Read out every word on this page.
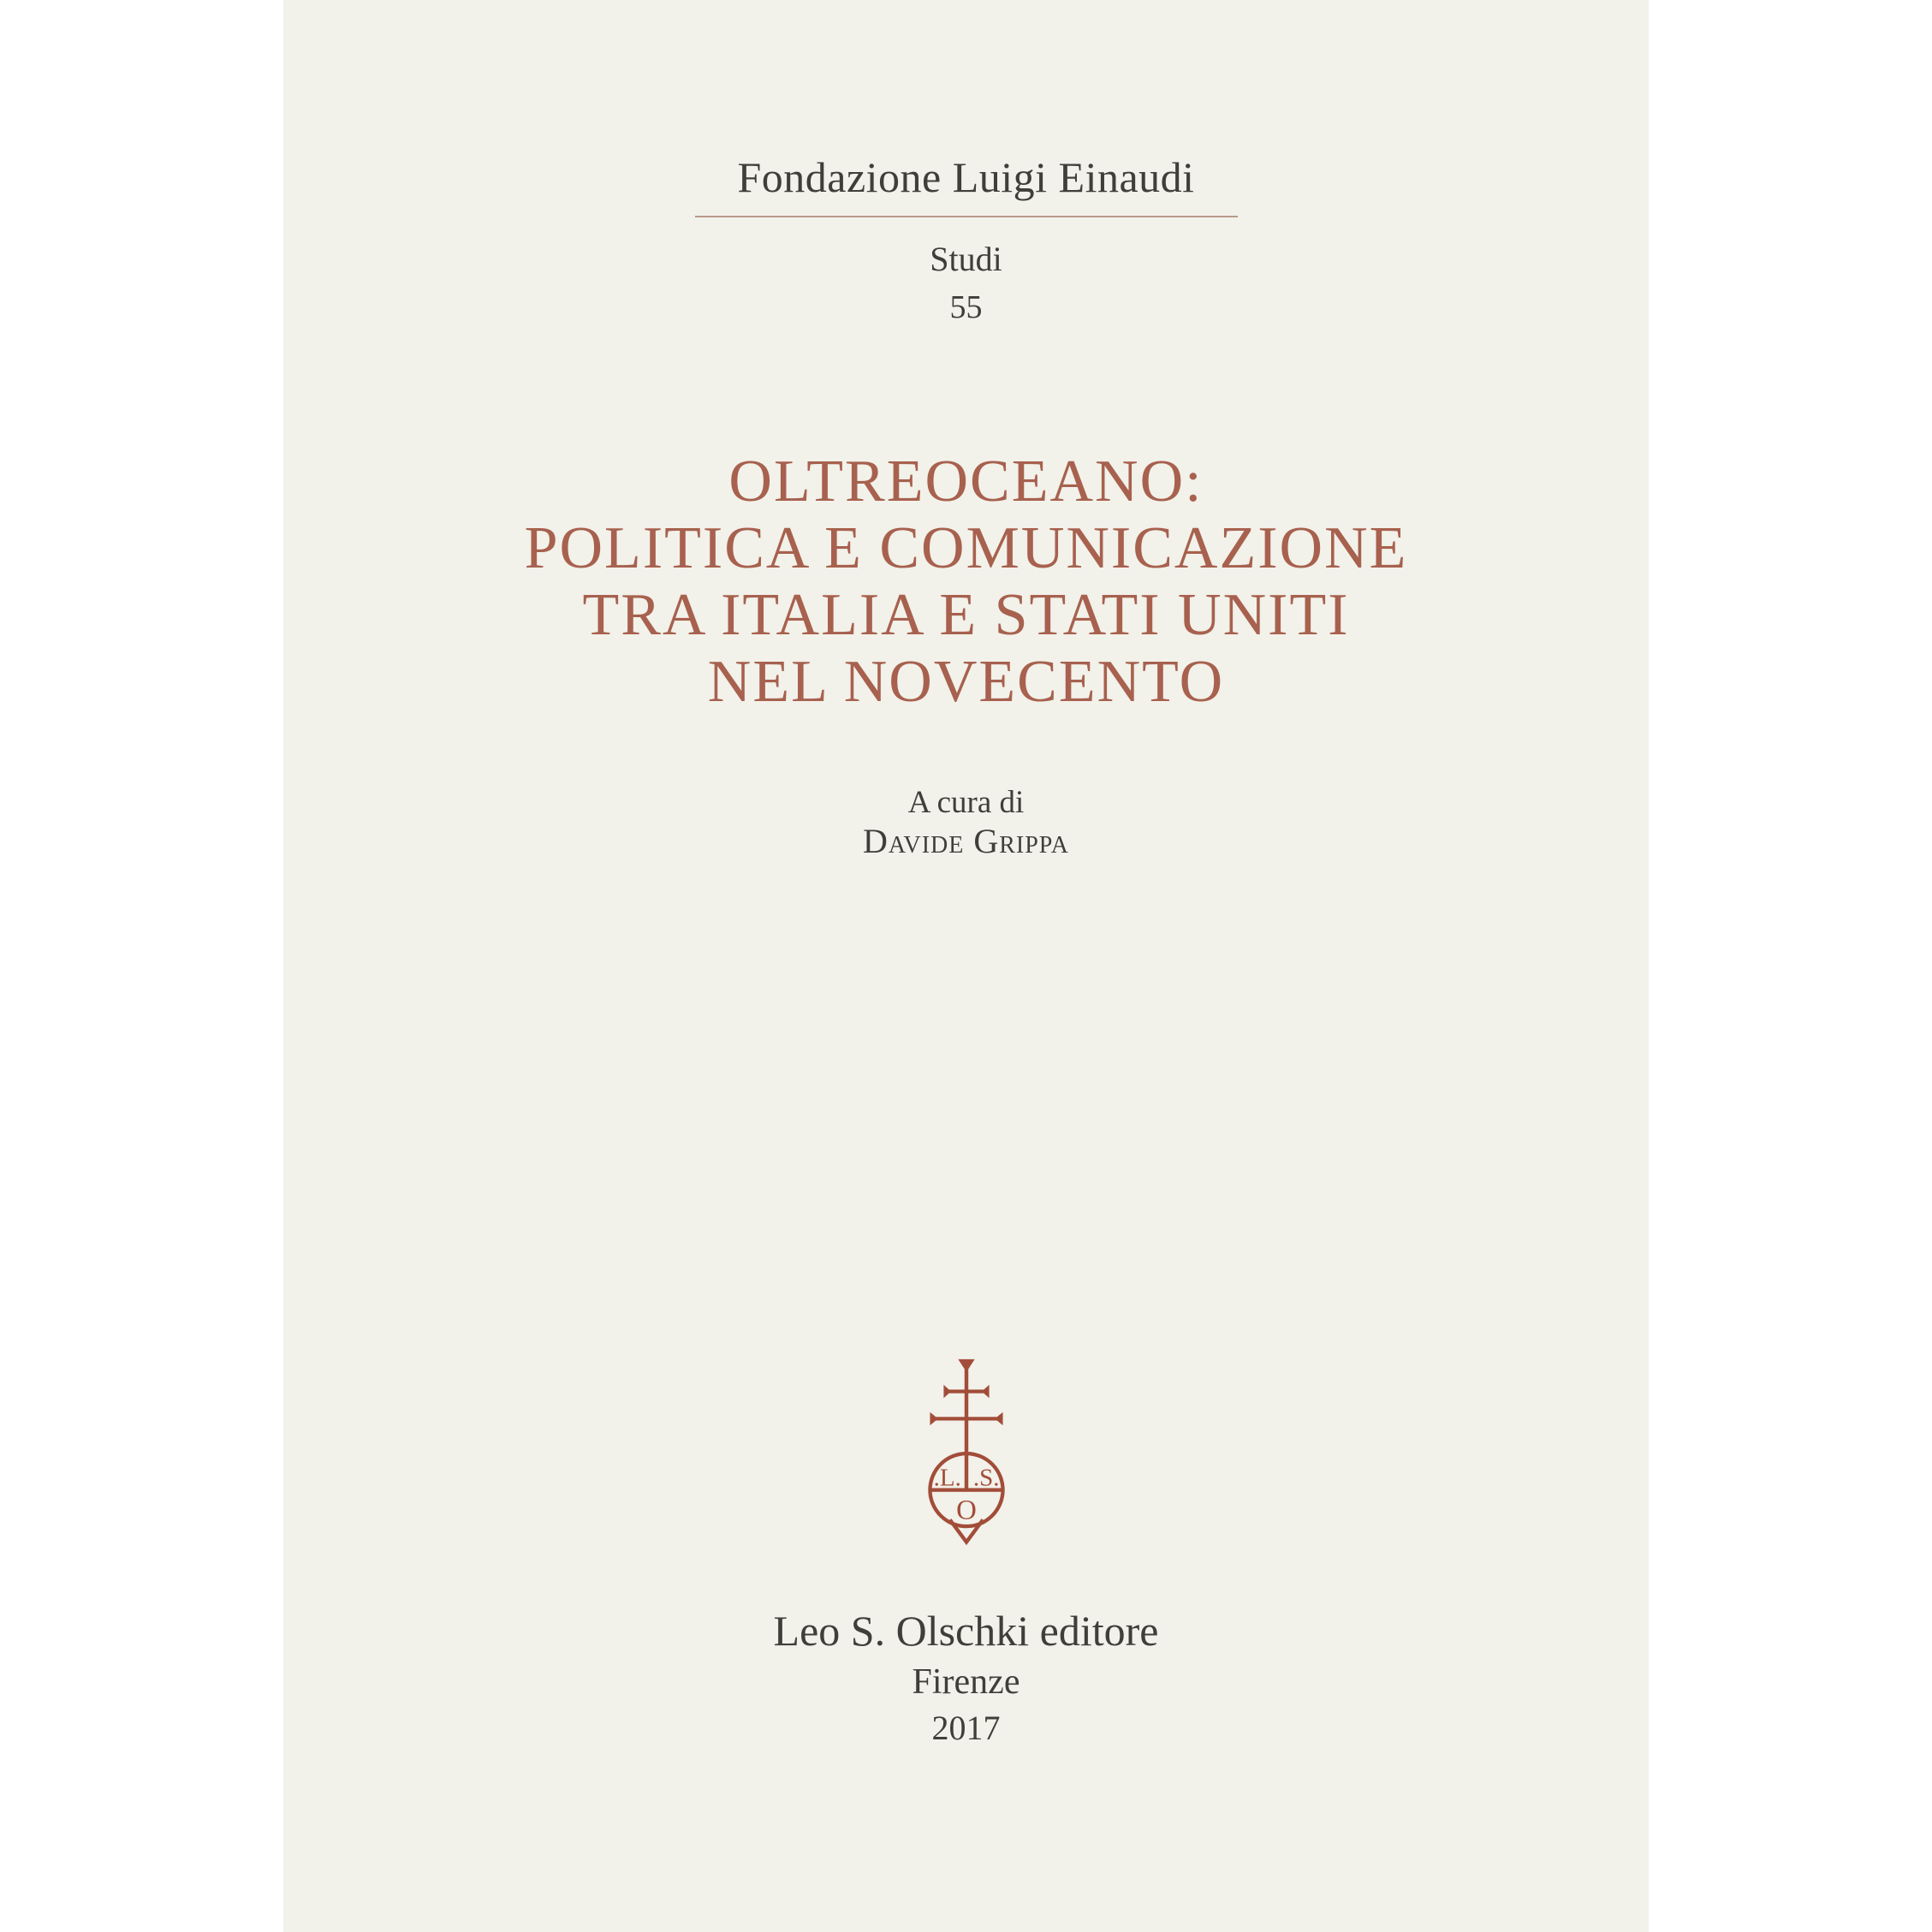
Fondazione Luigi Einaudi
Studi
55
OLTREOCEANO:
POLITICA E COMUNICAZIONE
TRA ITALIA E STATI UNITI
NEL NOVECENTO
A cura di
Davide Grippa
.L. .S.
O
Leo S. Olschki editore
Firenze
2017
